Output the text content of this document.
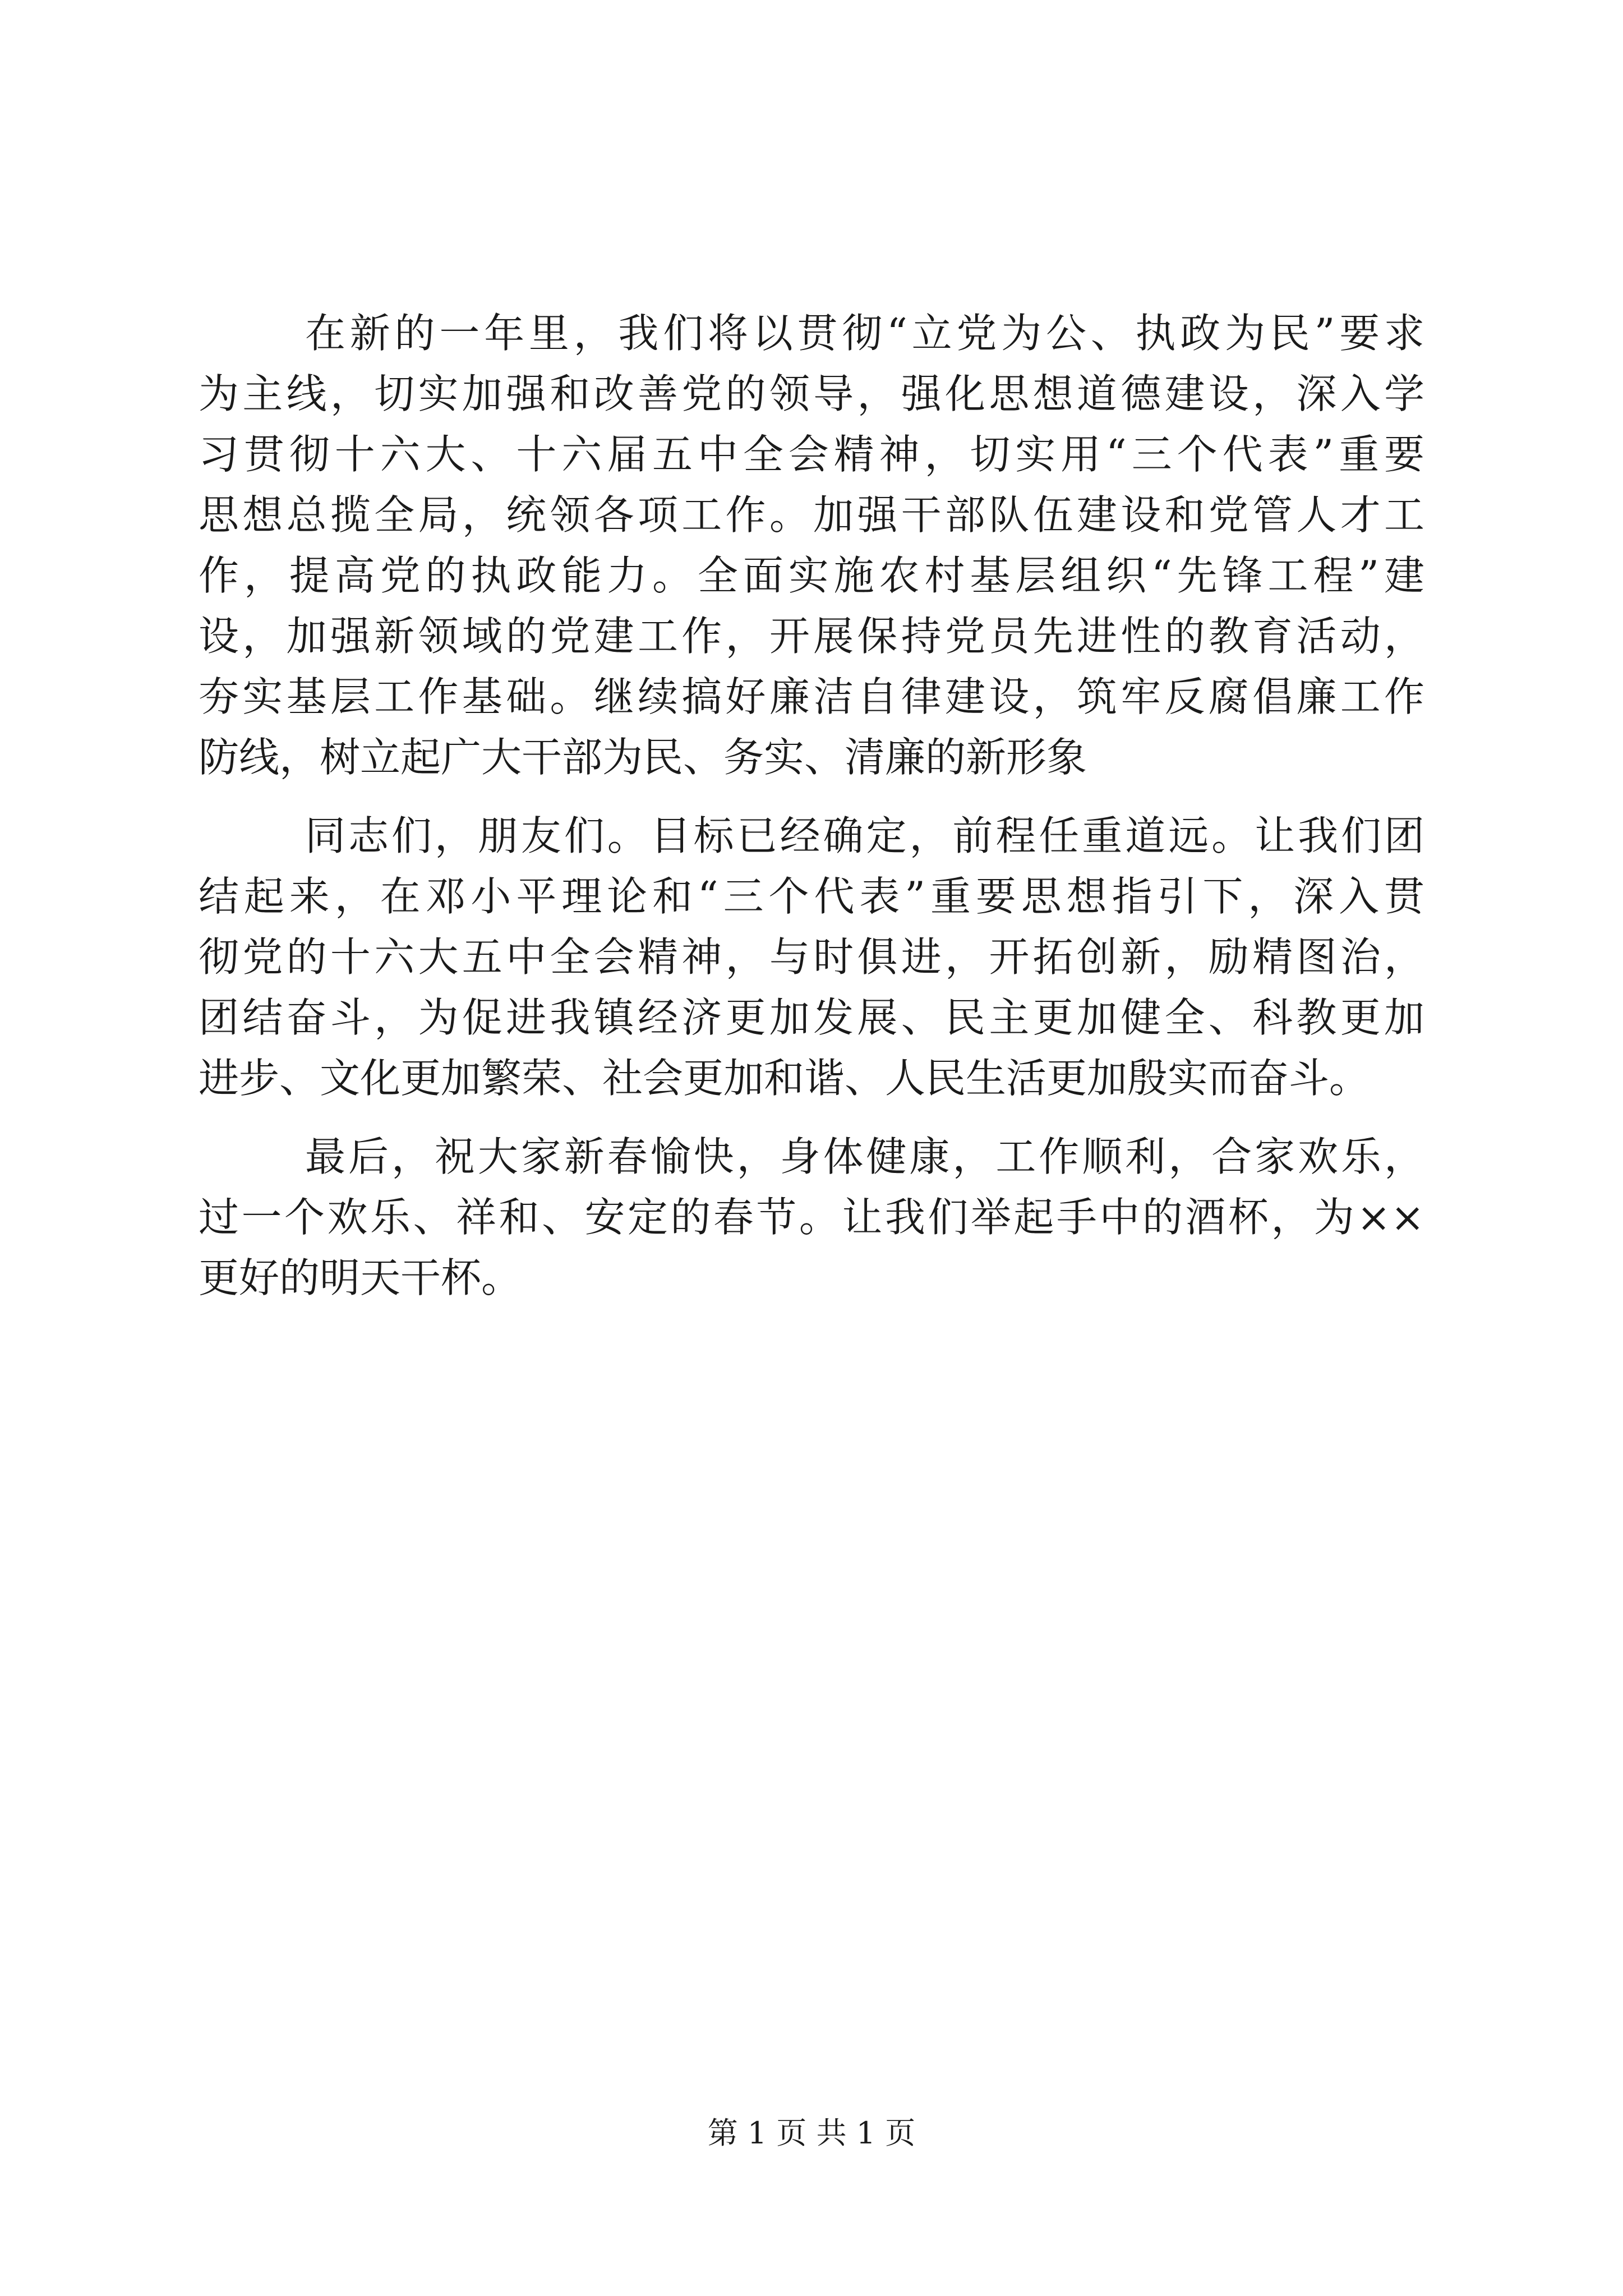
在新的一年里，我们将以贯彻“立党为公、执政为民”要求
为主线，切实加强和改善党的领导，强化思想道德建设，深入学
习贯彻十六大、十六届五中全会精神，切实用“三个代表”重要
思想总揽全局，统领各项工作。加强干部队伍建设和党管人才工
作，提高党的执政能力。全面实施农村基层组织“先锋工程”建
设，加强新领域的党建工作，开展保持党员先进性的教育活动，
夯实基层工作基础。继续搞好廉洁自律建设，筑牢反腐倡廉工作
防线，树立起广大干部为民、务实、清廉的新形象
同志们，朋友们。目标已经确定，前程任重道远。让我们团
结起来，在邓小平理论和“三个代表”重要思想指引下，深入贯
彻党的十六大五中全会精神，与时俱进，开拓创新，励精图治，
团结奋斗，为促进我镇经济更加发展、民主更加健全、科教更加
进步、文化更加繁荣、社会更加和谐、人民生活更加殷实而奋斗。
最后，祝大家新春愉快，身体健康，工作顺利，合家欢乐，
过一个欢乐、祥和、安定的春节。让我们举起手中的酒杯，为××
更好的明天干杯。
第 1 页 共 1 页
